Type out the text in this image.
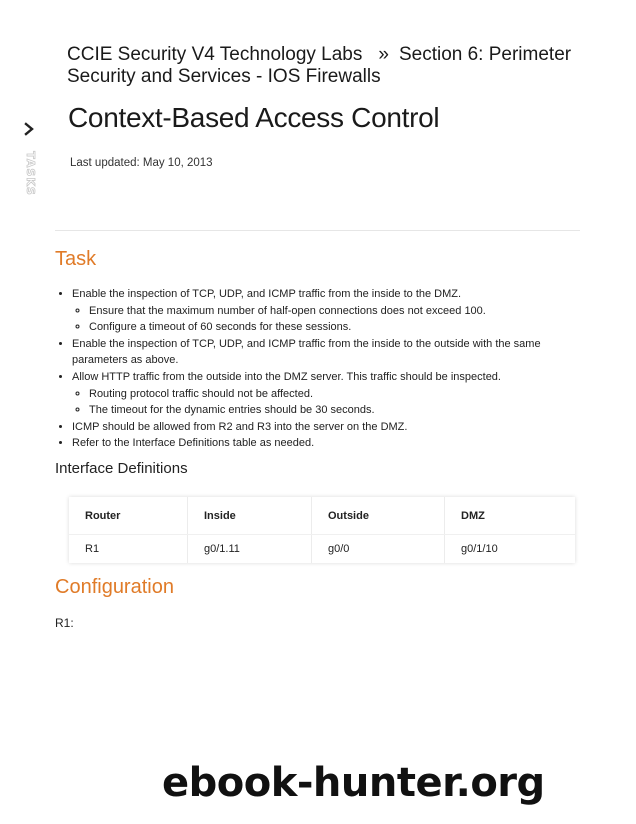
TASKS
CCIE Security V4 Technology Labs » Section 6: Perimeter Security and Services - IOS Firewalls
Context-Based Access Control
Last updated: May 10, 2013
Task
• Enable the inspection of TCP, UDP, and ICMP traffic from the inside to the DMZ.
◦ Ensure that the maximum number of half-open connections does not exceed 100.
◦ Configure a timeout of 60 seconds for these sessions.
• Enable the inspection of TCP, UDP, and ICMP traffic from the inside to the outside with the same parameters as above.
• Allow HTTP traffic from the outside into the DMZ server. This traffic should be inspected.
◦ Routing protocol traffic should not be affected.
◦ The timeout for the dynamic entries should be 30 seconds.
• ICMP should be allowed from R2 and R3 into the server on the DMZ.
• Refer to the Interface Definitions table as needed.
Interface Definitions
Router	Inside	Outside	DMZ
R1	g0/1.11	g0/0	g0/1/10
Configuration
R1:
ebook-hunter.org
